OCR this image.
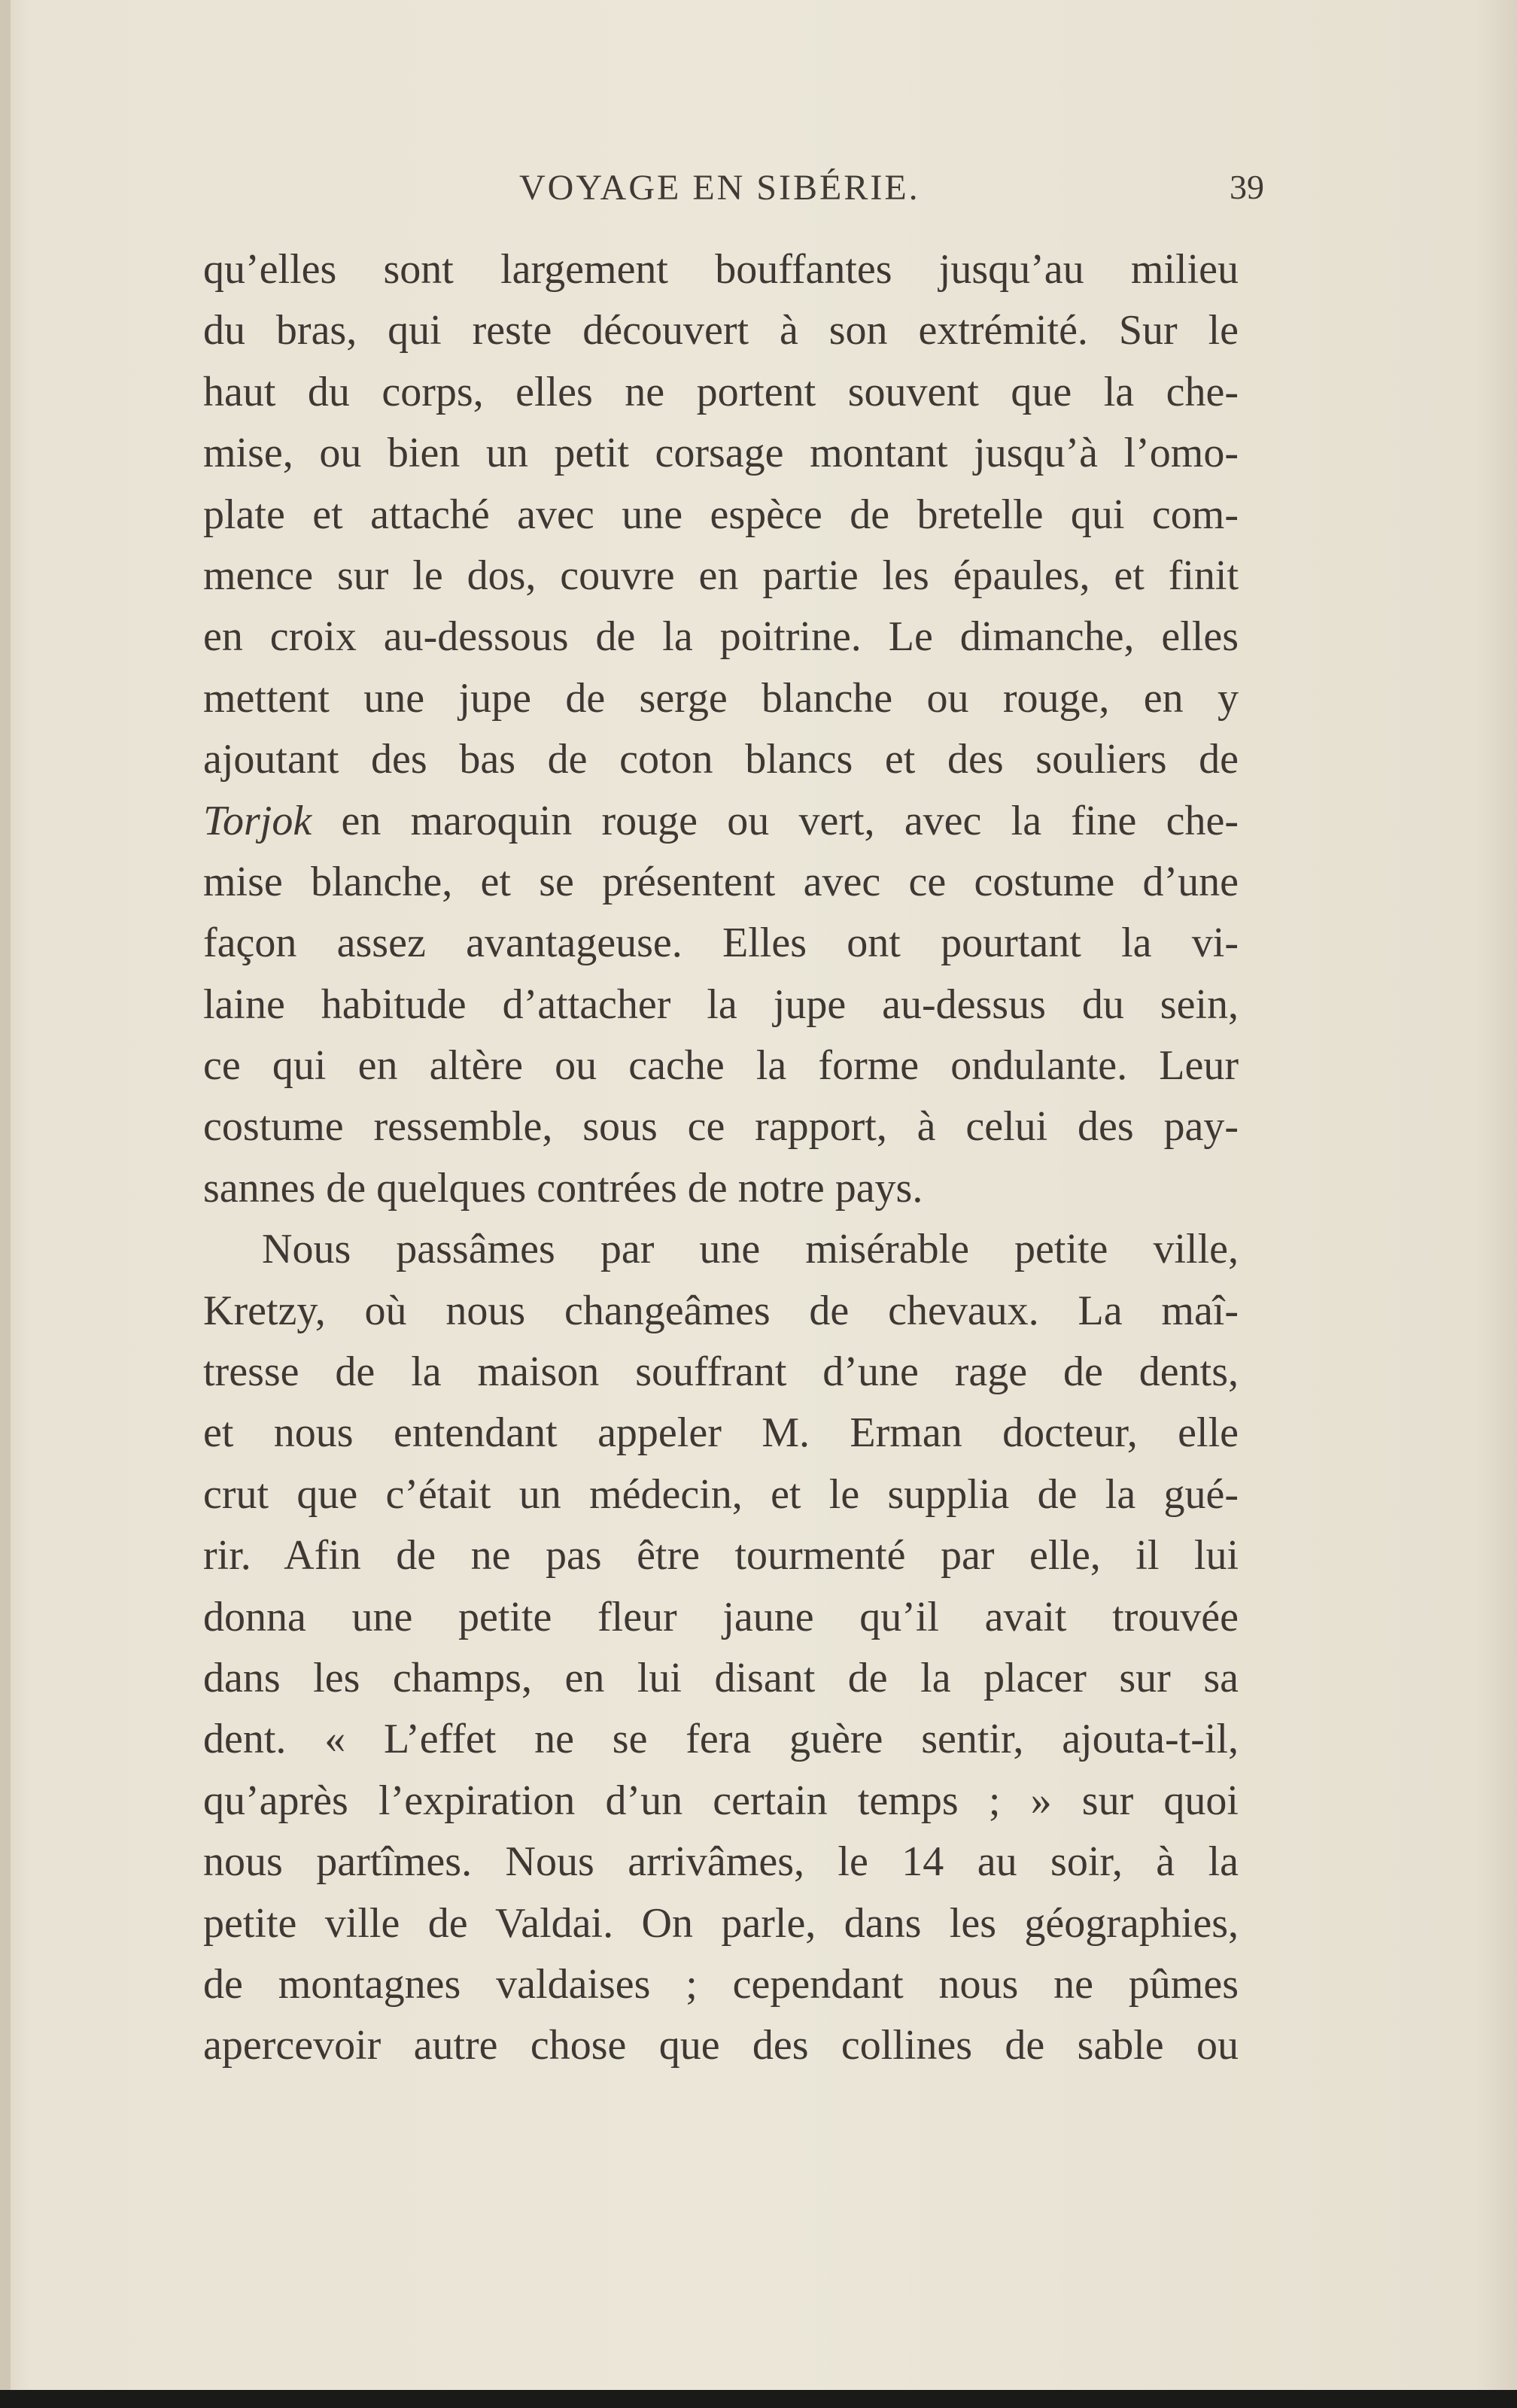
VOYAGE EN SIBÉRIE.	39
qu’elles sont largement bouffantes jusqu’au milieu
du bras, qui reste découvert à son extrémité. Sur le
haut du corps, elles ne portent souvent que la che-
mise, ou bien un petit corsage montant jusqu’à l’omo-
plate et attaché avec une espèce de bretelle qui com-
mence sur le dos, couvre en partie les épaules, et finit
en croix au-dessous de la poitrine. Le dimanche, elles
mettent une jupe de serge blanche ou rouge, en y
ajoutant des bas de coton blancs et des souliers de
Torjok en maroquin rouge ou vert, avec la fine che-
mise blanche, et se présentent avec ce costume d’une
façon assez avantageuse. Elles ont pourtant la vi-
laine habitude d’attacher la jupe au-dessus du sein,
ce qui en altère ou cache la forme ondulante. Leur
costume ressemble, sous ce rapport, à celui des pay-
sannes de quelques contrées de notre pays.
Nous passâmes par une misérable petite ville,
Kretzy, où nous changeâmes de chevaux. La maî-
tresse de la maison souffrant d’une rage de dents,
et nous entendant appeler M. Erman docteur, elle
crut que c’était un médecin, et le supplia de la gué-
rir. Afin de ne pas être tourmenté par elle, il lui
donna une petite fleur jaune qu’il avait trouvée
dans les champs, en lui disant de la placer sur sa
dent. « L’effet ne se fera guère sentir, ajouta-t-il,
qu’après l’expiration d’un certain temps ; » sur quoi
nous partîmes. Nous arrivâmes, le 14 au soir, à la
petite ville de Valdai. On parle, dans les géographies,
de montagnes valdaises ; cependant nous ne pûmes
apercevoir autre chose que des collines de sable ou
